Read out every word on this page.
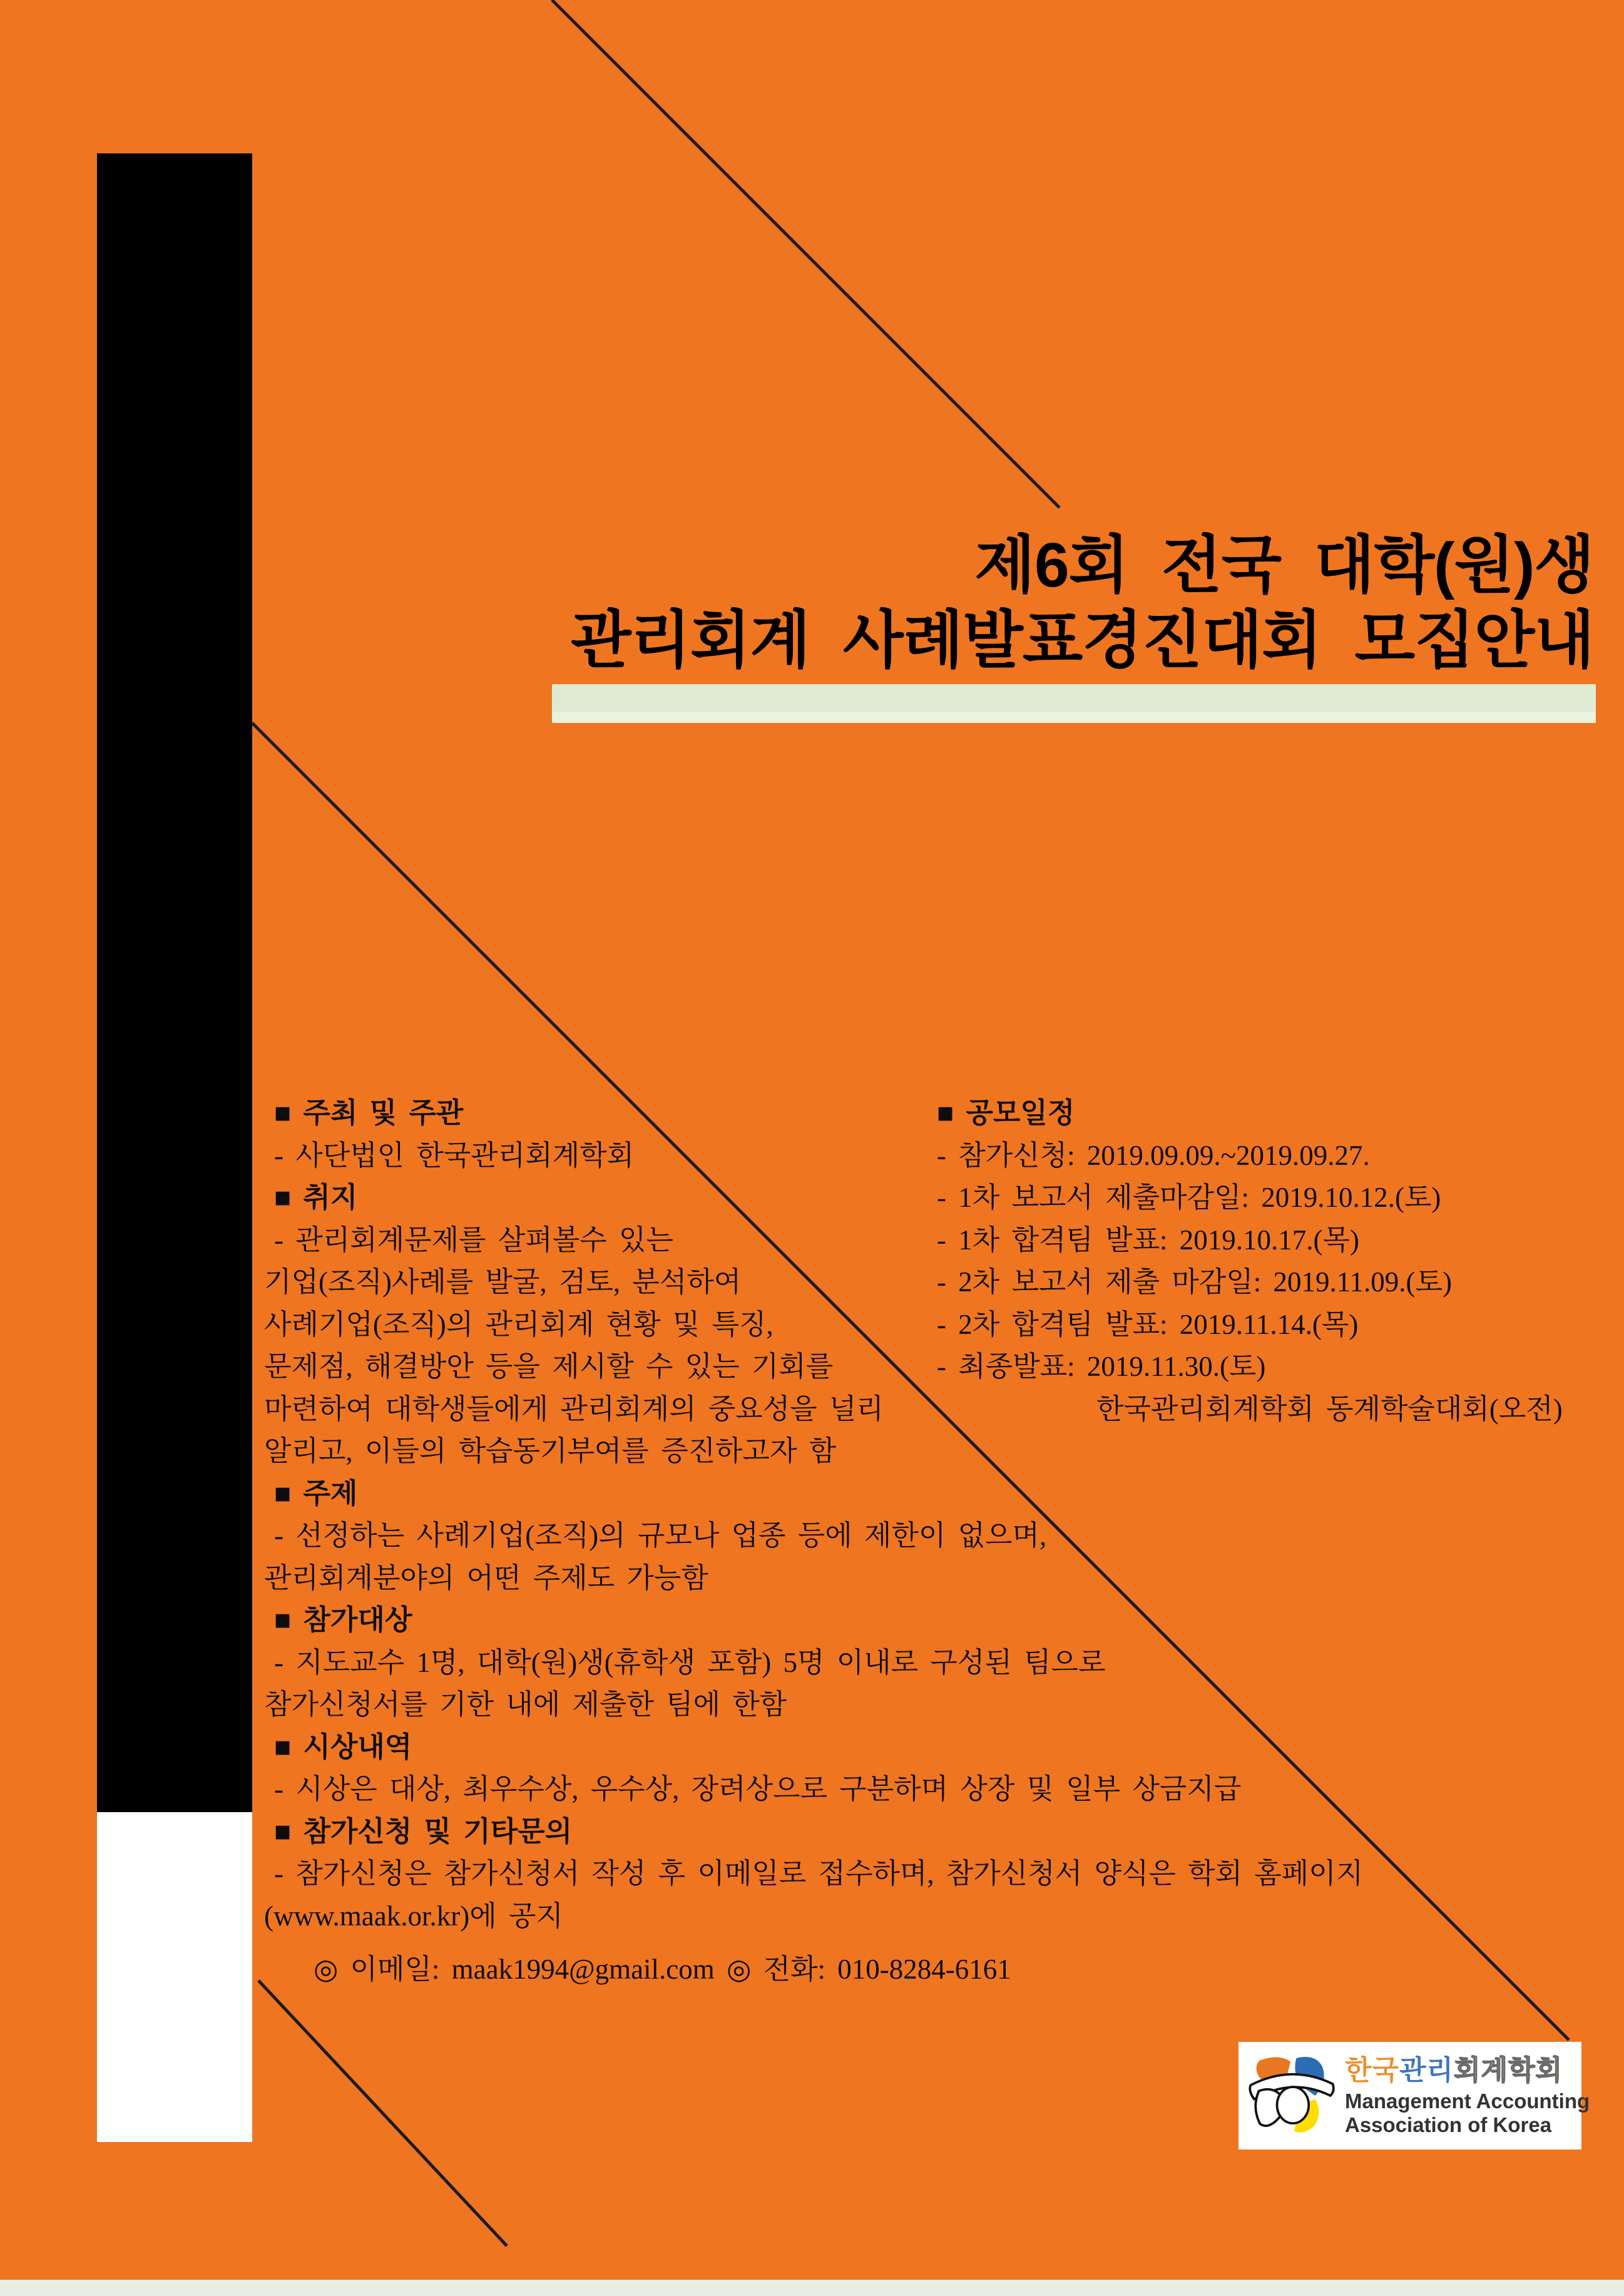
제6회 전국 대학(원)생
관리회계 사례발표경진대회 모집안내
■ 주최 및 주관
- 사단법인 한국관리회계학회
■ 취지
- 관리회계문제를 살펴볼수 있는
기업(조직)사례를 발굴, 검토, 분석하여
사례기업(조직)의 관리회계 현황 및 특징,
문제점, 해결방안 등을 제시할 수 있는 기회를
마련하여 대학생들에게 관리회계의 중요성을 널리
알리고, 이들의 학습동기부여를 증진하고자 함
■ 주제
- 선정하는 사례기업(조직)의 규모나 업종 등에 제한이 없으며,
관리회계분야의 어떤 주제도 가능함
■ 참가대상
- 지도교수 1명, 대학(원)생(휴학생 포함) 5명 이내로 구성된 팀으로
참가신청서를 기한 내에 제출한 팀에 한함
■ 시상내역
- 시상은 대상, 최우수상, 우수상, 장려상으로 구분하며 상장 및 일부 상금지급
■ 참가신청 및 기타문의
- 참가신청은 참가신청서 작성 후 이메일로 접수하며, 참가신청서 양식은 학회 홈페이지
(www.maak.or.kr)에 공지
◎ 이메일: maak1994@gmail.com ◎ 전화: 010-8284-6161
■ 공모일정
- 참가신청: 2019.09.09.~2019.09.27.
- 1차 보고서 제출마감일: 2019.10.12.(토)
- 1차 합격팀 발표: 2019.10.17.(목)
- 2차 보고서 제출 마감일: 2019.11.09.(토)
- 2차 합격팀 발표: 2019.11.14.(목)
- 최종발표: 2019.11.30.(토)
한국관리회계학회 동계학술대회(오전)
한국관리회계학회
Management Accounting
Association of Korea
